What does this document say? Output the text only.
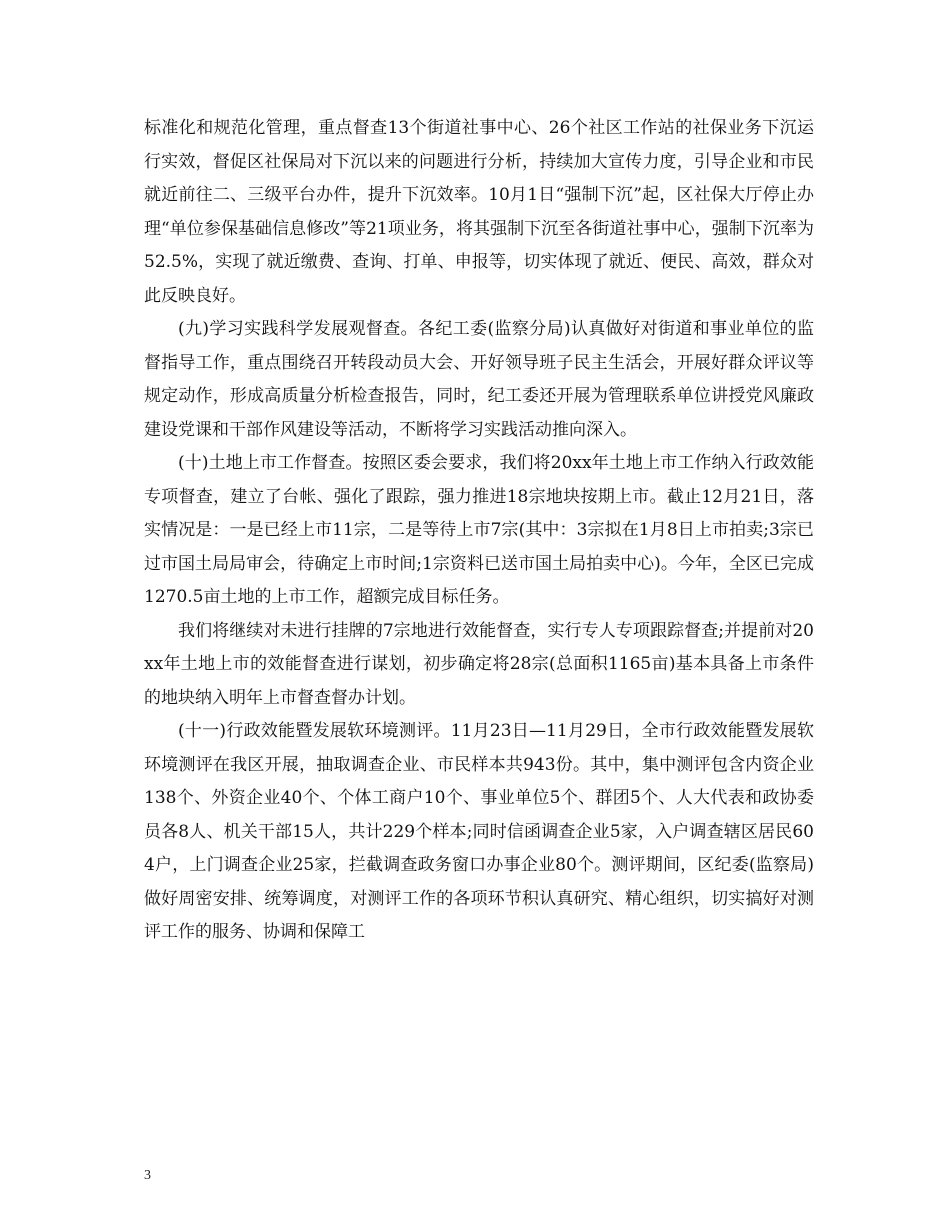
标准化和规范化管理，重点督查13个街道社事中心、26个社区工作站的社保业务下沉运行实效，督促区社保局对下沉以来的问题进行分析，持续加大宣传力度，引导企业和市民就近前往二、三级平台办件，提升下沉效率。10月1日“强制下沉”起，区社保大厅停止办理“单位参保基础信息修改”等21项业务，将其强制下沉至各街道社事中心，强制下沉率为52.5%，实现了就近缴费、查询、打单、申报等，切实体现了就近、便民、高效，群众对此反映良好。

(九)学习实践科学发展观督查。各纪工委(监察分局)认真做好对街道和事业单位的监督指导工作，重点围绕召开转段动员大会、开好领导班子民主生活会，开展好群众评议等规定动作，形成高质量分析检查报告，同时，纪工委还开展为管理联系单位讲授党风廉政建设党课和干部作风建设等活动，不断将学习实践活动推向深入。

(十)土地上市工作督查。按照区委会要求，我们将20xx年土地上市工作纳入行政效能专项督查，建立了台帐、强化了跟踪，强力推进18宗地块按期上市。截止12月21日，落实情况是：一是已经上市11宗，二是等待上市7宗(其中：3宗拟在1月8日上市拍卖;3宗已过市国土局局审会，待确定上市时间;1宗资料已送市国土局拍卖中心)。今年，全区已完成1270.5亩土地的上市工作，超额完成目标任务。

我们将继续对未进行挂牌的7宗地进行效能督查，实行专人专项跟踪督查;并提前对20xx年土地上市的效能督查进行谋划，初步确定将28宗(总面积1165亩)基本具备上市条件的地块纳入明年上市督查督办计划。

(十一)行政效能暨发展软环境测评。11月23日—11月29日，全市行政效能暨发展软环境测评在我区开展，抽取调查企业、市民样本共943份。其中，集中测评包含内资企业138个、外资企业40个、个体工商户10个、事业单位5个、群团5个、人大代表和政协委员各8人、机关干部15人，共计229个样本;同时信函调查企业5家，入户调查辖区居民604户，上门调查企业25家，拦截调查政务窗口办事企业80个。测评期间，区纪委(监察局)做好周密安排、统筹调度，对测评工作的各项环节积认真研究、精心组织，切实搞好对测评工作的服务、协调和保障工

3
